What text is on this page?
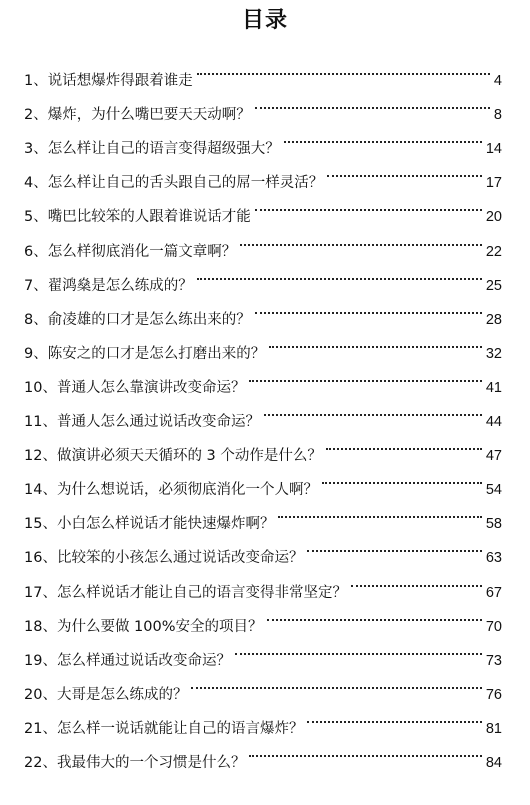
目录
1、 说话想爆炸得跟着谁走	4
2、 爆炸，为什么嘴巴要天天动啊？	8
3、 怎么样让自己的语言变得超级强大？	14
4、 怎么样让自己的舌头跟自己的屌一样灵活？	17
5、 嘴巴比较笨的人跟着谁说话才能	20
6、 怎么样彻底消化一篇文章啊？	22
7、 翟鸿燊是怎么练成的？	25
8、 俞凌雄的口才是怎么练出来的？	28
9、 陈安之的口才是怎么打磨出来的？	32
10、 普通人怎么靠演讲改变命运？	41
11、 普通人怎么通过说话改变命运？	44
12、 做演讲必须天天循环的 3 个动作是什么？	47
14、 为什么想说话，必须彻底消化一个人啊？	54
15、 小白怎么样说话才能快速爆炸啊？	58
16、 比较笨的小孩怎么通过说话改变命运？	63
17、 怎么样说话才能让自己的语言变得非常坚定？	67
18、 为什么要做 100%安全的项目？	70
19、 怎么样通过说话改变命运？	73
20、 大哥是怎么练成的？	76
21、 怎么样一说话就能让自己的语言爆炸？	81
22、 我最伟大的一个习惯是什么？	84
